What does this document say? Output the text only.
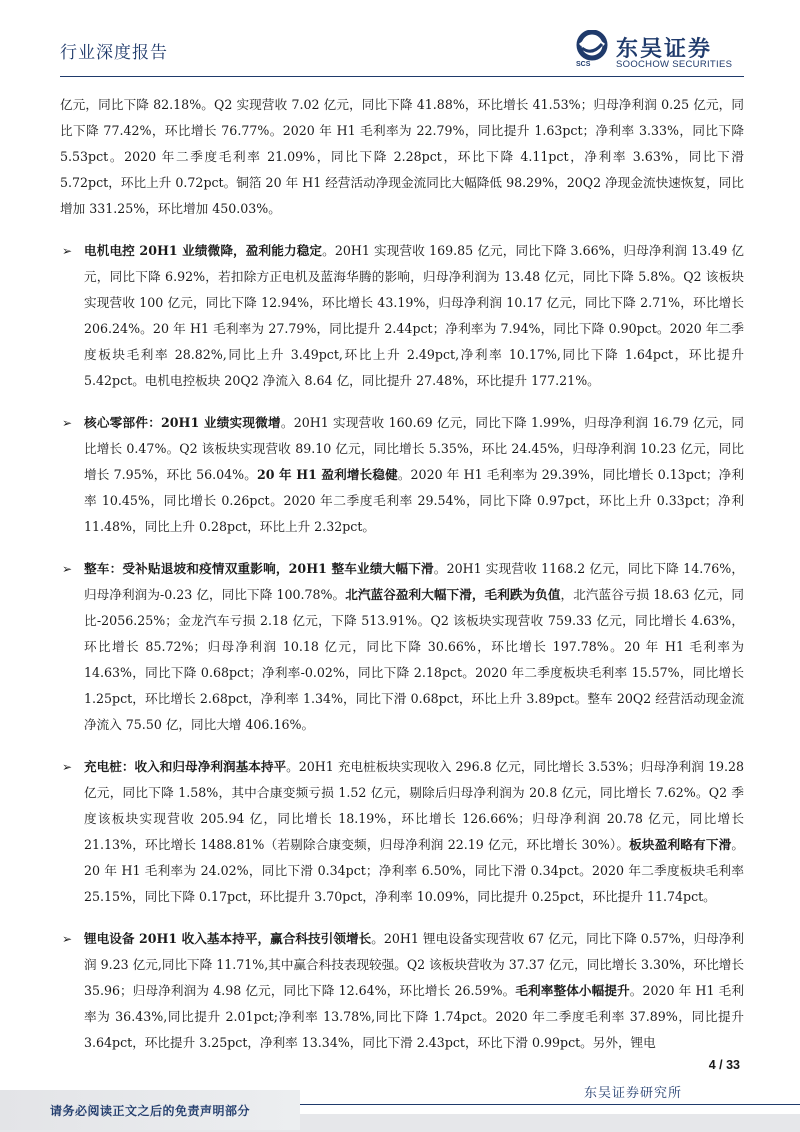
行业深度报告
SCS
东吴证券
SOOCHOW SECURITIES

亿元，同比下降 82.18%。Q2 实现营收 7.02 亿元，同比下降 41.88%，环比增长 41.53%；归母净利润 0.25 亿元，同比下降 77.42%，环比增长 76.77%。2020 年 H1 毛利率为 22.79%，同比提升 1.63pct；净利率 3.33%，同比下降 5.53pct。2020 年二季度毛利率 21.09%，同比下降 2.28pct，环比下降 4.11pct，净利率 3.63%，同比下滑 5.72pct，环比上升 0.72pct。铜箔 20 年 H1 经营活动净现金流同比大幅降低 98.29%，20Q2 净现金流快速恢复，同比增加 331.25%，环比增加 450.03%。

➢ 电机电控 20H1 业绩微降，盈利能力稳定。20H1 实现营收 169.85 亿元，同比下降 3.66%，归母净利润 13.49 亿元，同比下降 6.92%，若扣除方正电机及蓝海华腾的影响，归母净利润为 13.48 亿元，同比下降 5.8%。Q2 该板块实现营收 100 亿元，同比下降 12.94%，环比增长 43.19%，归母净利润 10.17 亿元，同比下降 2.71%，环比增长 206.24%。20 年 H1 毛利率为 27.79%，同比提升 2.44pct；净利率为 7.94%，同比下降 0.90pct。2020 年二季度板块毛利率 28.82%,同比上升 3.49pct,环比上升 2.49pct,净利率 10.17%,同比下降 1.64pct，环比提升 5.42pct。电机电控板块 20Q2 净流入 8.64 亿，同比提升 27.48%，环比提升 177.21%。

➢ 核心零部件：20H1 业绩实现微增。20H1 实现营收 160.69 亿元，同比下降 1.99%，归母净利润 16.79 亿元，同比增长 0.47%。Q2 该板块实现营收 89.10 亿元，同比增长 5.35%，环比 24.45%，归母净利润 10.23 亿元，同比增长 7.95%，环比 56.04%。20 年 H1 盈利增长稳健。2020 年 H1 毛利率为 29.39%，同比增长 0.13pct；净利率 10.45%，同比增长 0.26pct。2020 年二季度毛利率 29.54%，同比下降 0.97pct，环比上升 0.33pct；净利 11.48%，同比上升 0.28pct，环比上升 2.32pct。

➢ 整车：受补贴退坡和疫情双重影响，20H1 整车业绩大幅下滑。20H1 实现营收 1168.2 亿元，同比下降 14.76%，归母净利润为-0.23 亿，同比下降 100.78%。北汽蓝谷盈利大幅下滑，毛利跌为负值，北汽蓝谷亏损 18.63 亿元，同比-2056.25%；金龙汽车亏损 2.18 亿元，下降 513.91%。Q2 该板块实现营收 759.33 亿元，同比增长 4.63%，环比增长 85.72%；归母净利润 10.18 亿元，同比下降 30.66%，环比增长 197.78%。20 年 H1 毛利率为 14.63%，同比下降 0.68pct；净利率-0.02%，同比下降 2.18pct。2020 年二季度板块毛利率 15.57%，同比增长 1.25pct，环比增长 2.68pct，净利率 1.34%，同比下滑 0.68pct，环比上升 3.89pct。整车 20Q2 经营活动现金流净流入 75.50 亿，同比大增 406.16%。

➢ 充电桩：收入和归母净利润基本持平。20H1 充电桩板块实现收入 296.8 亿元，同比增长 3.53%；归母净利润 19.28 亿元，同比下降 1.58%，其中合康变频亏损 1.52 亿元，剔除后归母净利润为 20.8 亿元，同比增长 7.62%。Q2 季度该板块实现营收 205.94 亿，同比增长 18.19%，环比增长 126.66%；归母净利润 20.78 亿元，同比增长 21.13%，环比增长 1488.81%（若剔除合康变频，归母净利润 22.19 亿元，环比增长 30%）。板块盈利略有下滑。20 年 H1 毛利率为 24.02%，同比下滑 0.34pct；净利率 6.50%，同比下滑 0.34pct。2020 年二季度板块毛利率 25.15%，同比下降 0.17pct，环比提升 3.70pct，净利率 10.09%，同比提升 0.25pct，环比提升 11.74pct。

➢ 锂电设备 20H1 收入基本持平，赢合科技引领增长。20H1 锂电设备实现营收 67 亿元，同比下降 0.57%，归母净利润 9.23 亿元,同比下降 11.71%,其中赢合科技表现较强。Q2 该板块营收为 37.37 亿元，同比增长 3.30%，环比增长 35.96；归母净利润为 4.98 亿元，同比下降 12.64%，环比增长 26.59%。毛利率整体小幅提升。2020 年 H1 毛利率为 36.43%,同比提升 2.01pct;净利率 13.78%,同比下降 1.74pct。2020 年二季度毛利率 37.89%，同比提升 3.64pct，环比提升 3.25pct，净利率 13.34%，同比下滑 2.43pct，环比下滑 0.99pct。另外，锂电

4 / 33
请务必阅读正文之后的免责声明部分
东吴证券研究所
